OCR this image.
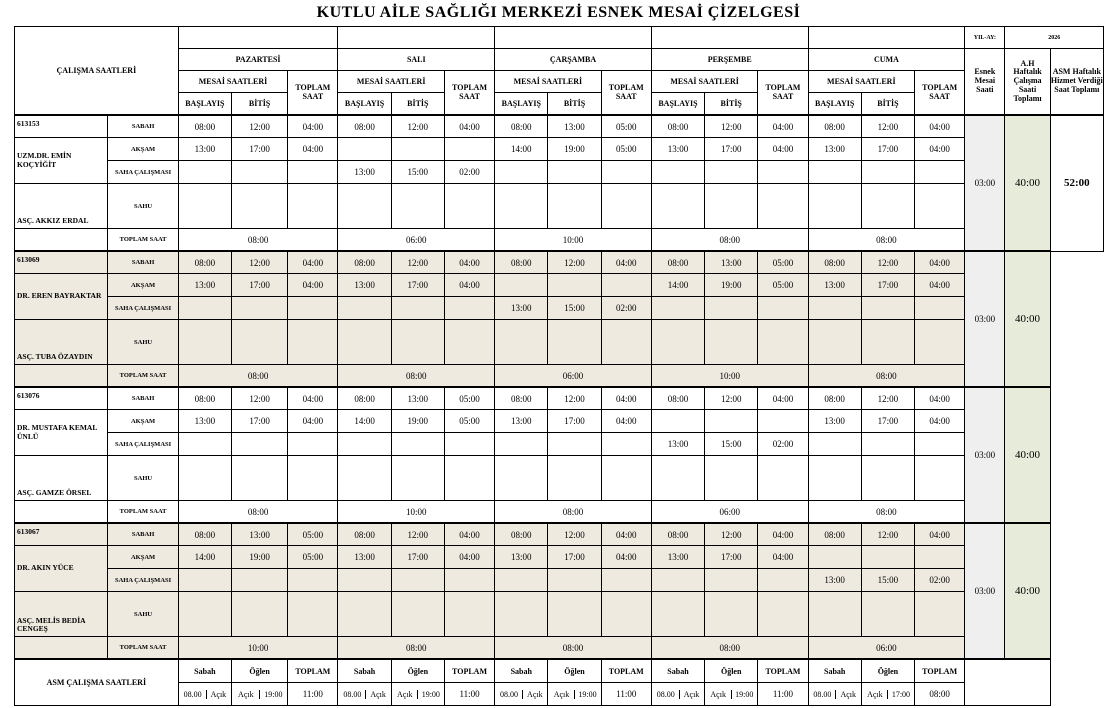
KUTLU AİLE SAĞLIĞI MERKEZİ ESNEK MESAİ ÇİZELGESİ
ÇALIŞMA SAATLERİ																	YIL-AY:	2026	
		PAZARTESİ			SALI			ÇARŞAMBA			PERŞEMBE			CUMA			Esnek Mesai Saati	A.H Haftalık Çalışma Saati Toplamı	ASM Haftalık Hizmet Verdiği Saat Toplamı
		MESAİ SAATLERİ		TOPLAM SAAT	MESAİ SAATLERİ		TOPLAM SAAT	MESAİ SAATLERİ		TOPLAM SAAT	MESAİ SAATLERİ		TOPLAM SAAT	MESAİ SAATLERİ		TOPLAM SAAT			
		BAŞLAYIŞ	BİTİŞ		BAŞLAYIŞ	BİTİŞ		BAŞLAYIŞ	BİTİŞ		BAŞLAYIŞ	BİTİŞ		BAŞLAYIŞ	BİTİŞ				
613153	SABAH	08:00	12:00	04:00	08:00	12:00	04:00	08:00	13:00	05:00	08:00	12:00	04:00	08:00	12:00	04:00	03:00	40:00	52:00
UZM.DR. EMİN KOÇYİĞİT	AKŞAM	13:00	17:00	04:00				14:00	19:00	05:00	13:00	17:00	04:00	13:00	17:00	04:00			
	SAHA ÇALIŞMASI				13:00	15:00	02:00												
ASÇ. AKKIZ ERDAL	SAHU																		
	TOPLAM SAAT	08:00			06:00			10:00			08:00			08:00					
613069	SABAH	08:00	12:00	04:00	08:00	12:00	04:00	08:00	12:00	04:00	08:00	13:00	05:00	08:00	12:00	04:00	03:00	40:00	
DR. EREN BAYRAKTAR	AKŞAM	13:00	17:00	04:00	13:00	17:00	04:00				14:00	19:00	05:00	13:00	17:00	04:00			
	SAHA ÇALIŞMASI							13:00	15:00	02:00									
ASÇ. TUBA ÖZAYDIN	SAHU																		
	TOPLAM SAAT	08:00			08:00			06:00			10:00			08:00					
613076	SABAH	08:00	12:00	04:00	08:00	13:00	05:00	08:00	12:00	04:00	08:00	12:00	04:00	08:00	12:00	04:00	03:00	40:00	
DR. MUSTAFA KEMAL ÜNLÜ	AKŞAM	13:00	17:00	04:00	14:00	19:00	05:00	13:00	17:00	04:00				13:00	17:00	04:00			
	SAHA ÇALIŞMASI										13:00	15:00	02:00						
ASÇ. GAMZE ÖRSEL	SAHU																		
	TOPLAM SAAT	08:00			10:00			08:00			06:00			08:00					
613067	SABAH	08:00	13:00	05:00	08:00	12:00	04:00	08:00	12:00	04:00	08:00	12:00	04:00	08:00	12:00	04:00	03:00	40:00	
DR. AKIN YÜCE	AKŞAM	14:00	19:00	05:00	13:00	17:00	04:00	13:00	17:00	04:00	13:00	17:00	04:00						
	SAHA ÇALIŞMASI													13:00	15:00	02:00			
ASÇ. MELİS BEDİA CENGEŞ	SAHU																		
	TOPLAM SAAT	10:00			08:00			08:00			08:00			06:00					
ASM ÇALIŞMA SAATLERİ		Sabah	Öğlen	TOPLAM	Sabah	Öğlen	TOPLAM	Sabah	Öğlen	TOPLAM	Sabah	Öğlen	TOPLAM	Sabah	Öğlen	TOPLAM			
		08.00 Açık	Açık 19:00	11:00	08.00 Açık	Açık 19:00	11:00	08.00 Açık	Açık 19:00	11:00	08.00 Açık	Açık 19:00	11:00	08.00 Açık	Açık 17:00	08:00			
